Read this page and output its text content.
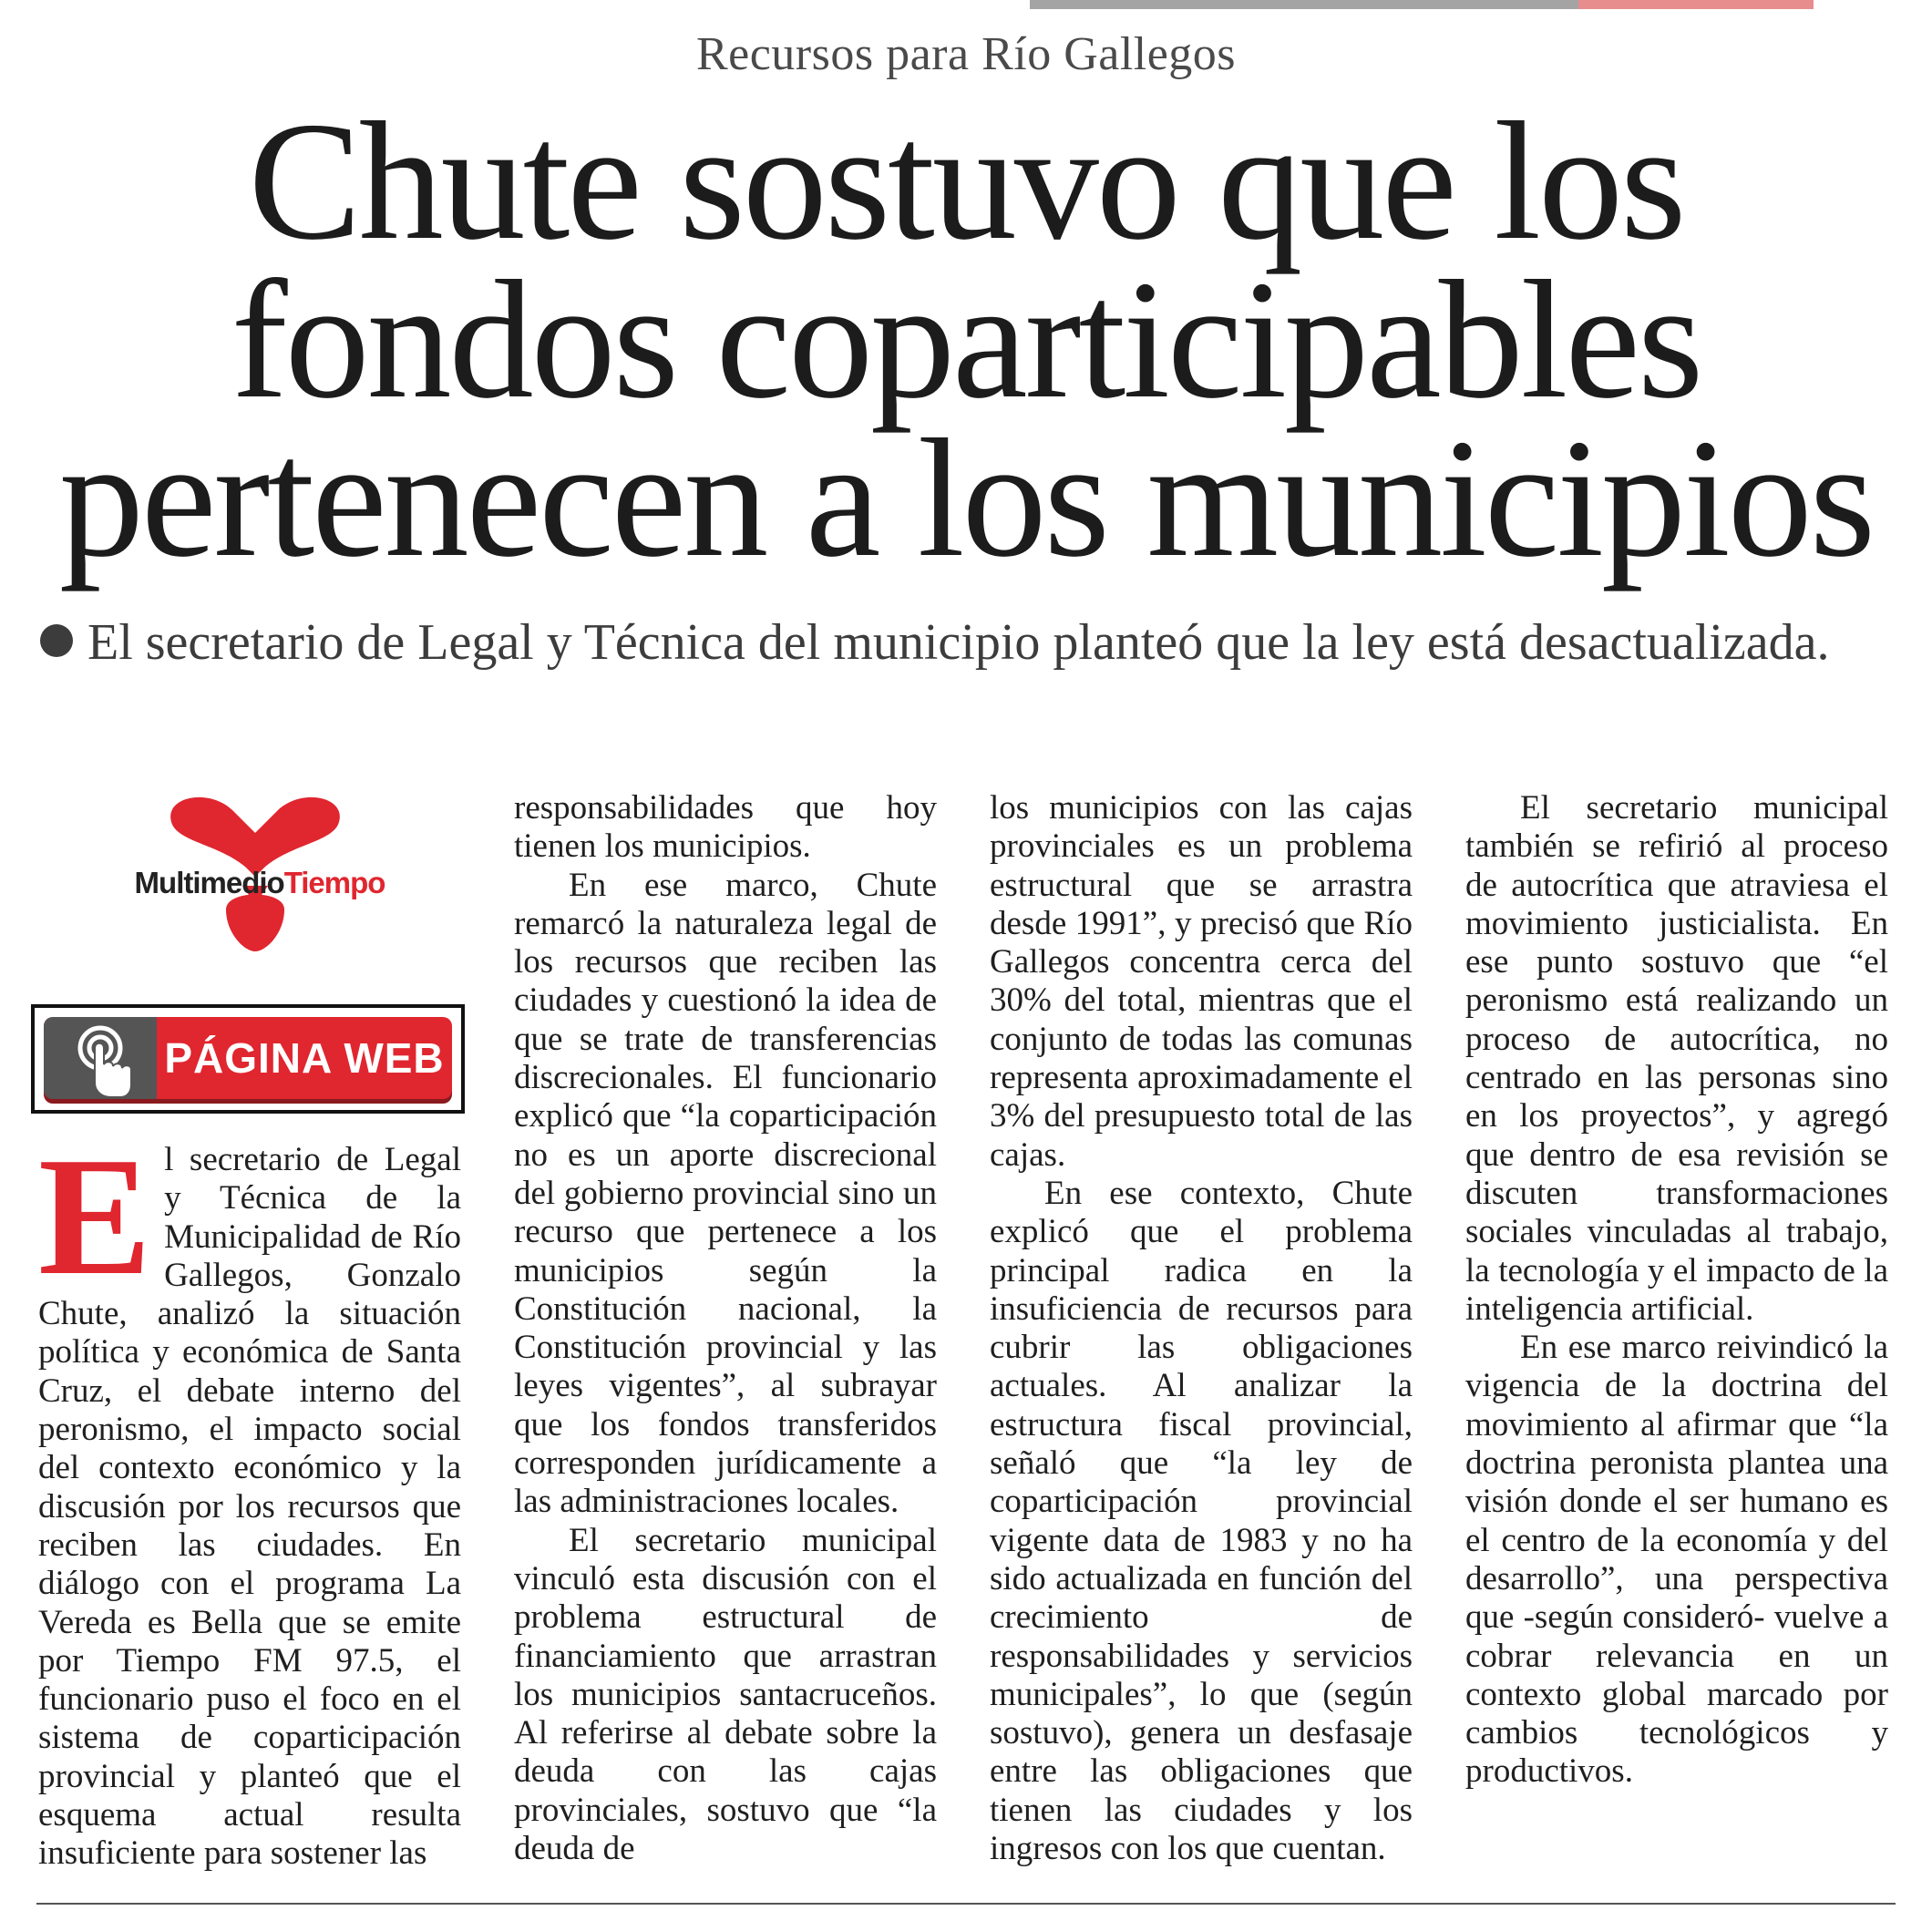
Recursos para Río Gallegos
Chute sostuvo que los fondos coparticipables pertenecen a los municipios
El secretario de Legal y Técnica del municipio planteó que la ley está desactualizada.
MultimedioTiempo
PÁGINA WEB
E l secretario de Legal y Técnica de la Municipalidad de Río Gallegos, Gonzalo Chute, analizó la situación política y económica de Santa Cruz, el debate interno del peronismo, el impacto social del contexto económico y la discusión por los recursos que reciben las ciudades. En diálogo con el programa La Vereda es Bella que se emite por Tiempo FM 97.5, el funcionario puso el foco en el sistema de coparticipación provincial y planteó que el esquema actual resulta insuficiente para sostener las

responsabilidades que hoy tienen los municipios.

En ese marco, Chute remarcó la naturaleza legal de los recursos que reciben las ciudades y cuestionó la idea de que se trate de transferencias discrecionales. El funcionario explicó que “la coparticipación no es un aporte discrecional del gobierno provincial sino un recurso que pertenece a los municipios según la Constitución nacional, la Constitución provincial y las leyes vigentes”, al subrayar que los fondos transferidos corresponden jurídicamente a las administraciones locales.

El secretario municipal vinculó esta discusión con el problema estructural de financiamiento que arrastran los municipios santacruceños. Al referirse al debate sobre la deuda con las cajas provinciales, sostuvo que “la deuda de

los municipios con las cajas provinciales es un problema estructural que se arrastra desde 1991”, y precisó que Río Gallegos concentra cerca del 30% del total, mientras que el conjunto de todas las comunas representa aproximadamente el 3% del presupuesto total de las cajas.

En ese contexto, Chute explicó que el problema principal radica en la insuficiencia de recursos para cubrir las obligaciones actuales. Al analizar la estructura fiscal provincial, señaló que “la ley de coparticipación provincial vigente data de 1983 y no ha sido actualizada en función del crecimiento de responsabilidades y servicios municipales”, lo que (según sostuvo), genera un desfasaje entre las obligaciones que tienen las ciudades y los ingresos con los que cuentan.

El secretario municipal también se refirió al proceso de autocrítica que atraviesa el movimiento justicialista. En ese punto sostuvo que “el peronismo está realizando un proceso de autocrítica, no centrado en las personas sino en los proyectos”, y agregó que dentro de esa revisión se discuten transformaciones sociales vinculadas al trabajo, la tecnología y el impacto de la inteligencia artificial.

En ese marco reivindicó la vigencia de la doctrina del movimiento al afirmar que “la doctrina peronista plantea una visión donde el ser humano es el centro de la economía y del desarrollo”, una perspectiva que -según consideró- vuelve a cobrar relevancia en un contexto global marcado por cambios tecnológicos y productivos.
